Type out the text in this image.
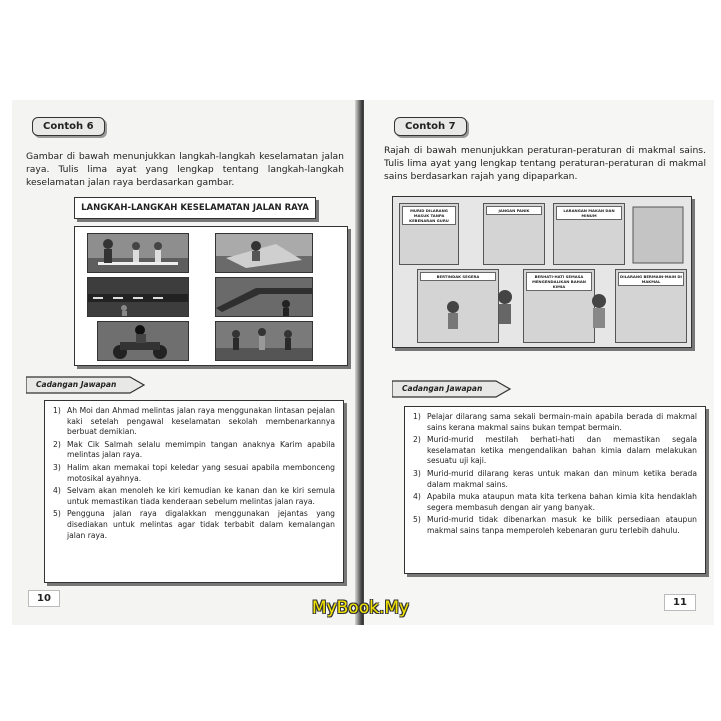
Contoh 6
Gambar di bawah menunjukkan langkah-langkah keselamatan jalan raya. Tulis lima ayat yang lengkap tentang langkah-langkah keselamatan jalan raya berdasarkan gambar.
LANGKAH-LANGKAH KESELAMATAN JALAN RAYA
Cadangan Jawapan
1) Ah Moi dan Ahmad melintas jalan raya menggunakan lintasan pejalan kaki setelah pengawal keselamatan sekolah membenarkannya berbuat demikian.
2) Mak Cik Salmah selalu memimpin tangan anaknya Karim apabila melintas jalan raya.
3) Halim akan memakai topi keledar yang sesuai apabila membonceng motosikal ayahnya.
4) Selvam akan menoleh ke kiri kemudian ke kanan dan ke kiri semula untuk memastikan tiada kenderaan sebelum melintas jalan raya.
5) Pengguna jalan raya digalakkan menggunakan jejantas yang disediakan untuk melintas agar tidak terbabit dalam kemalangan jalan raya.
10
Contoh 7
Rajah di bawah menunjukkan peraturan-peraturan di makmal sains. Tulis lima ayat yang lengkap tentang peraturan-peraturan di makmal sains berdasarkan rajah yang dipaparkan.
MURID DILARANG MASUK TANPA KEBENARAN GURU
JANGAN PANIK	LARANGAN MAKAN DAN MINUM
BERTINDAK SEGERA	BERHATI-HATI SEMASA MENGENDALIKAN BAHAN KIMIA
DILARANG BERMAIN-MAIN DI MAKMAL
Cadangan Jawapan
1) Pelajar dilarang sama sekali bermain-main apabila berada di makmal sains kerana makmal sains bukan tempat bermain.
2) Murid-murid mestilah berhati-hati dan memastikan segala keselamatan ketika mengendalikan bahan kimia dalam melakukan sesuatu uji kaji.
3) Murid-murid dilarang keras untuk makan dan minum ketika berada dalam makmal sains.
4) Apabila muka ataupun mata kita terkena bahan kimia kita hendaklah segera membasuh dengan air yang banyak.
5) Murid-murid tidak dibenarkan masuk ke bilik persediaan ataupun makmal sains tanpa memperoleh kebenaran guru terlebih dahulu.
11
MyBook.My
